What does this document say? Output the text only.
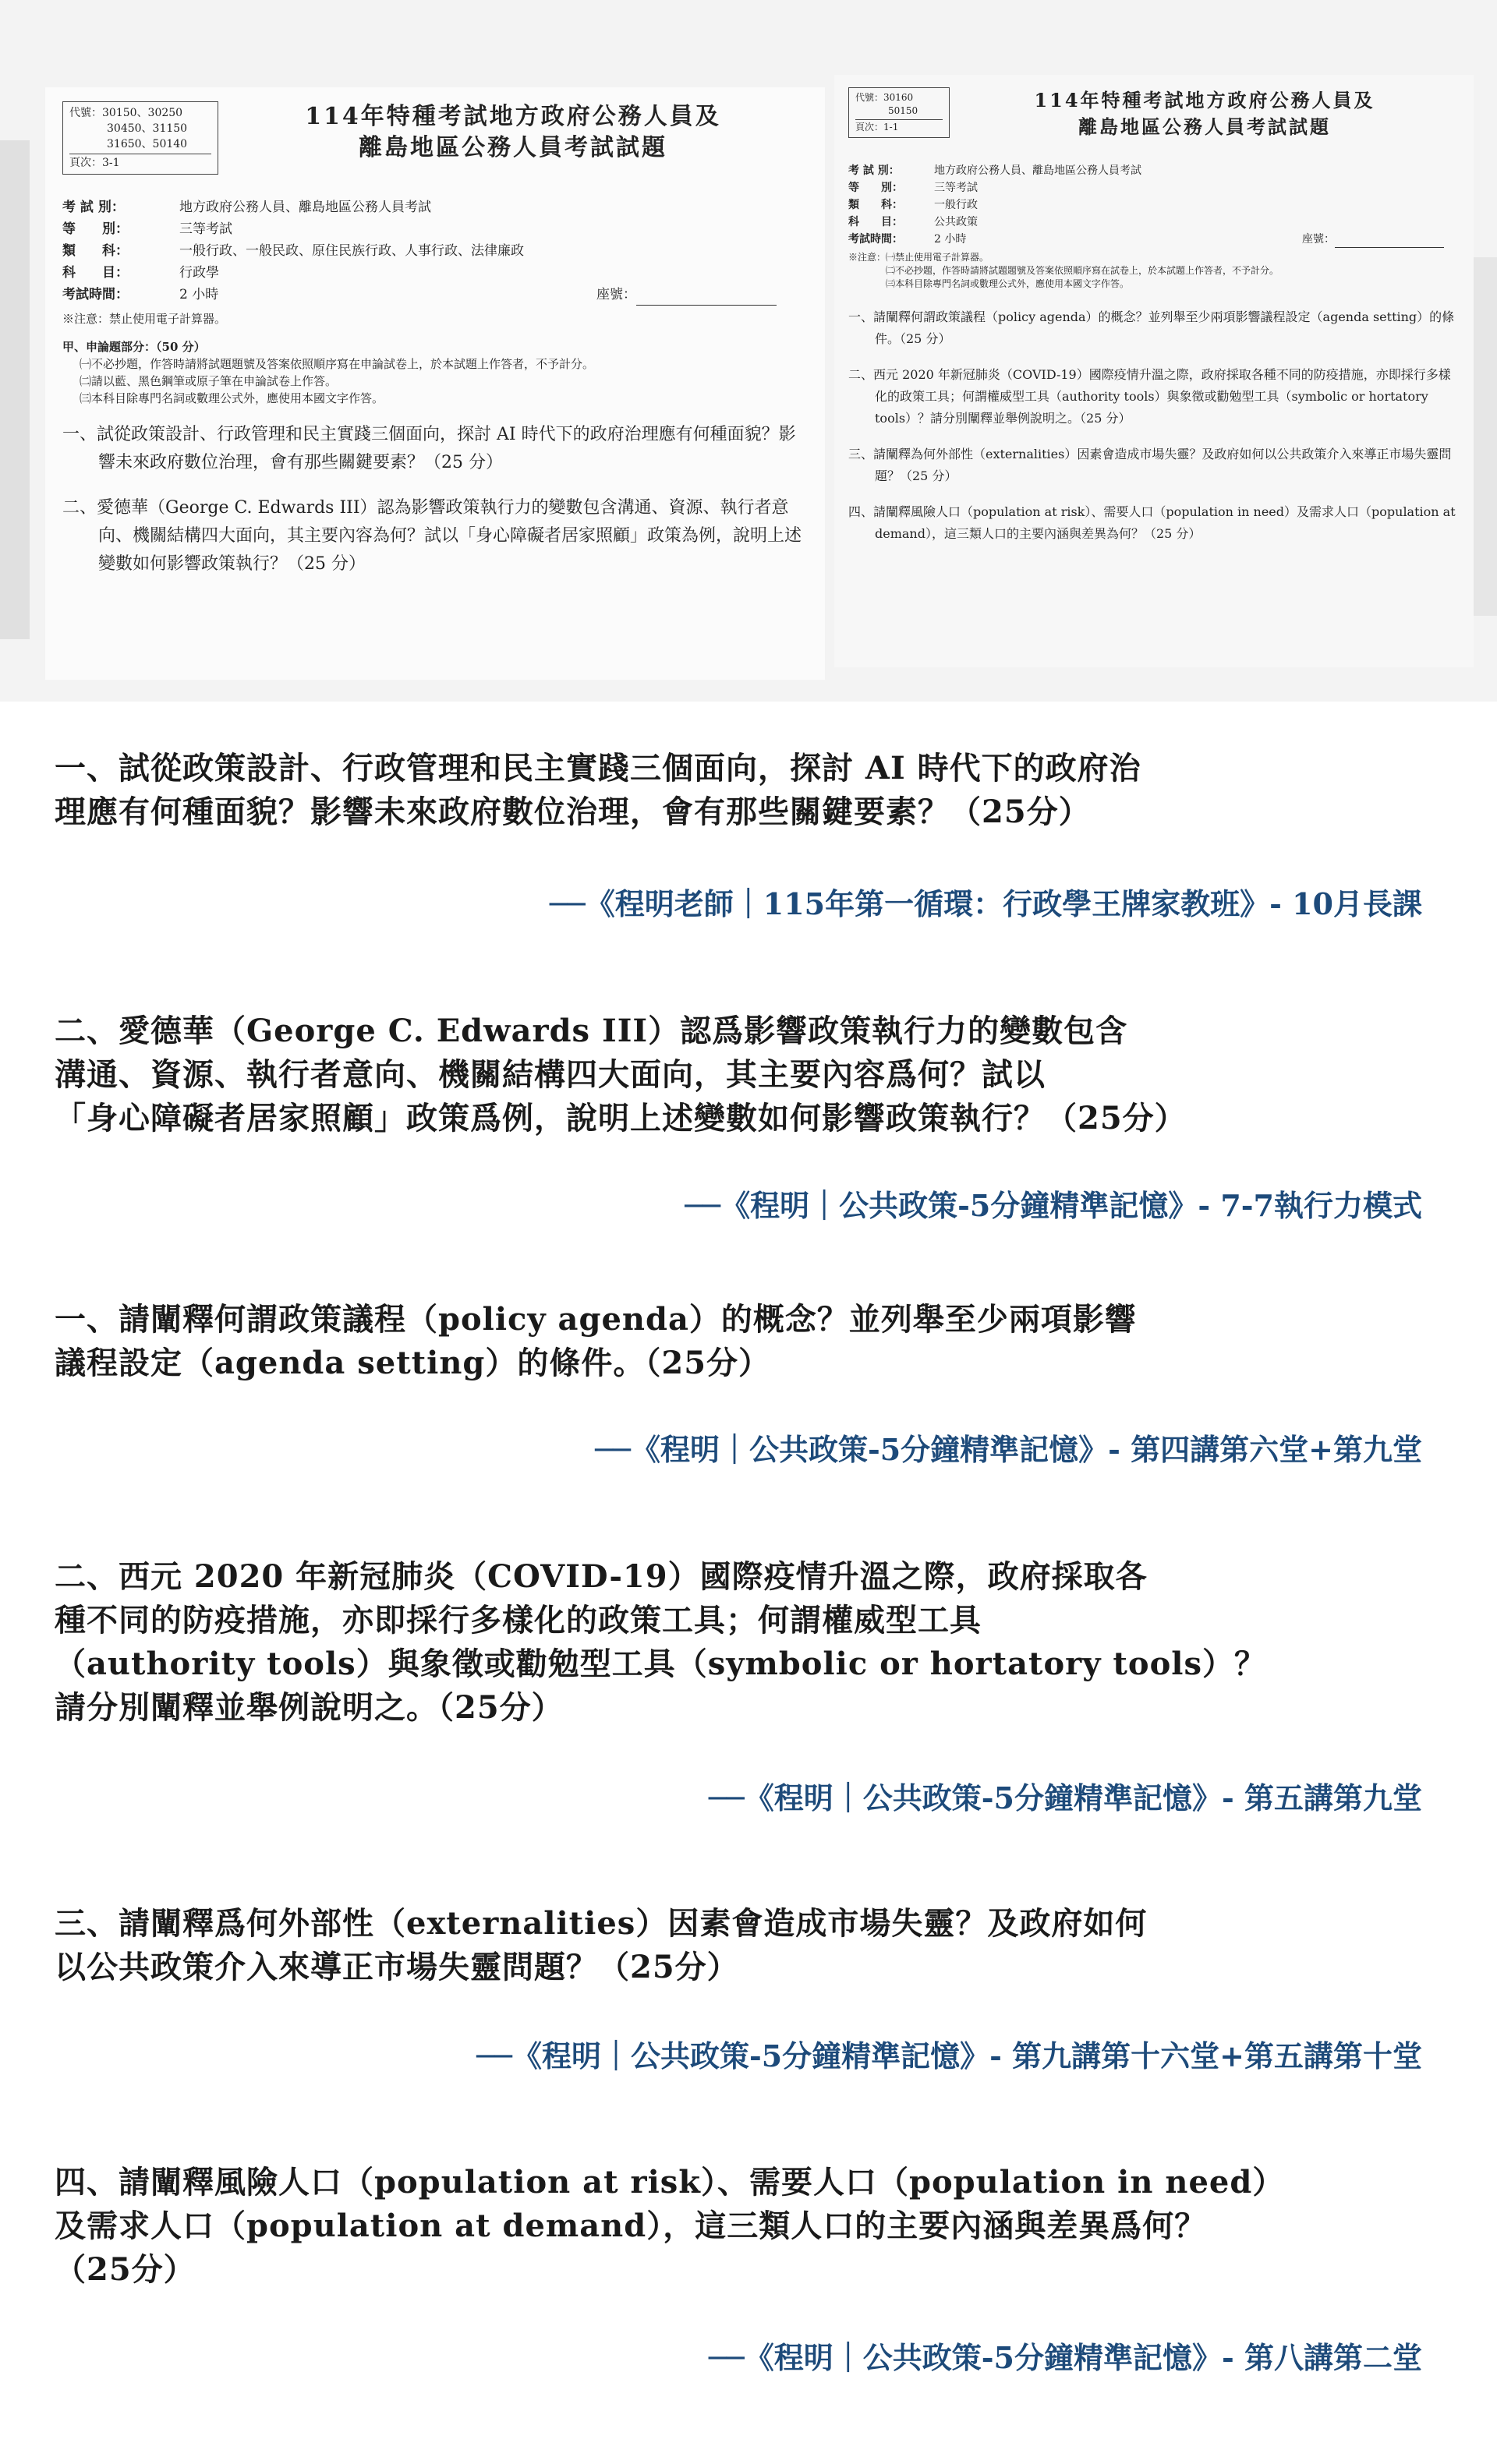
代號：30150、30250
30450、31150
31650、50140
頁次：3-1
114年特種考試地方政府公務人員及
離島地區公務人員考試試題
考 試 別：	地方政府公務人員、離島地區公務人員考試
等　　別：	三等考試
類　　科：	一般行政、一般民政、原住民族行政、人事行政、法律廉政
科　　目：	行政學
考試時間：	2 小時	座號：
※注意：禁止使用電子計算器。
甲、申論題部分：（50 分）
㈠不必抄題，作答時請將試題題號及答案依照順序寫在申論試卷上，於本試題上作答者，不予計分。
㈡請以藍、黑色鋼筆或原子筆在申論試卷上作答。
㈢本科目除專門名詞或數理公式外，應使用本國文字作答。
一、試從政策設計、行政管理和民主實踐三個面向，探討 AI 時代下的政府治理應有何種面貌？影響未來政府數位治理，會有那些關鍵要素？（25 分）
二、愛德華（George C. Edwards III）認為影響政策執行力的變數包含溝通、資源、執行者意向、機關結構四大面向，其主要內容為何？試以「身心障礙者居家照顧」政策為例，說明上述變數如何影響政策執行？（25 分）
代號：30160
50150
頁次：1-1
114年特種考試地方政府公務人員及
離島地區公務人員考試試題
考 試 別：	地方政府公務人員、離島地區公務人員考試
等　　別：	三等考試
類　　科：	一般行政
科　　目：	公共政策
考試時間：	2 小時	座號：
※注意：㈠禁止使用電子計算器。
㈡不必抄題，作答時請將試題題號及答案依照順序寫在試卷上，於本試題上作答者，不予計分。
㈢本科目除專門名詞或數理公式外，應使用本國文字作答。
一、請闡釋何謂政策議程（policy agenda）的概念？並列舉至少兩項影響議程設定（agenda setting）的條件。（25 分）
二、西元 2020 年新冠肺炎（COVID-19）國際疫情升溫之際，政府採取各種不同的防疫措施，亦即採行多樣化的政策工具；何謂權威型工具（authority tools）與象徵或勸勉型工具（symbolic or hortatory tools）？請分別闡釋並舉例說明之。（25 分）
三、請闡釋為何外部性（externalities）因素會造成市場失靈？及政府如何以公共政策介入來導正市場失靈問題？（25 分）
四、請闡釋風險人口（population at risk）、需要人口（population in need）及需求人口（population at demand），這三類人口的主要內涵與差異為何？（25 分）
一、試從政策設計、行政管理和民主實踐三個面向，探討 AI 時代下的政府治
理應有何種面貌？影響未來政府數位治理，會有那些關鍵要素？（25分）
──《程明老師｜115年第一循環：行政學王牌家教班》- 10月長課
二、愛德華（George C. Edwards III）認爲影響政策執行力的變數包含
溝通、資源、執行者意向、機關結構四大面向，其主要內容爲何？試以
「身心障礙者居家照顧」政策爲例，說明上述變數如何影響政策執行？（25分）
──《程明｜公共政策-5分鐘精準記憶》- 7-7執行力模式
一、請闡釋何謂政策議程（policy agenda）的概念？並列舉至少兩項影響
議程設定（agenda setting）的條件。（25分）
──《程明｜公共政策-5分鐘精準記憶》- 第四講第六堂+第九堂
二、西元 2020 年新冠肺炎（COVID-19）國際疫情升溫之際，政府採取各
種不同的防疫措施，亦即採行多樣化的政策工具；何謂權威型工具
（authority tools）與象徵或勸勉型工具（symbolic or hortatory tools）？
請分別闡釋並舉例說明之。（25分）
──《程明｜公共政策-5分鐘精準記憶》- 第五講第九堂
三、請闡釋爲何外部性（externalities）因素會造成市場失靈？及政府如何
以公共政策介入來導正市場失靈問題？（25分）
──《程明｜公共政策-5分鐘精準記憶》- 第九講第十六堂+第五講第十堂
四、請闡釋風險人口（population at risk）、需要人口（population in need）
及需求人口（population at demand），這三類人口的主要內涵與差異爲何？
（25分）
──《程明｜公共政策-5分鐘精準記憶》- 第八講第二堂
